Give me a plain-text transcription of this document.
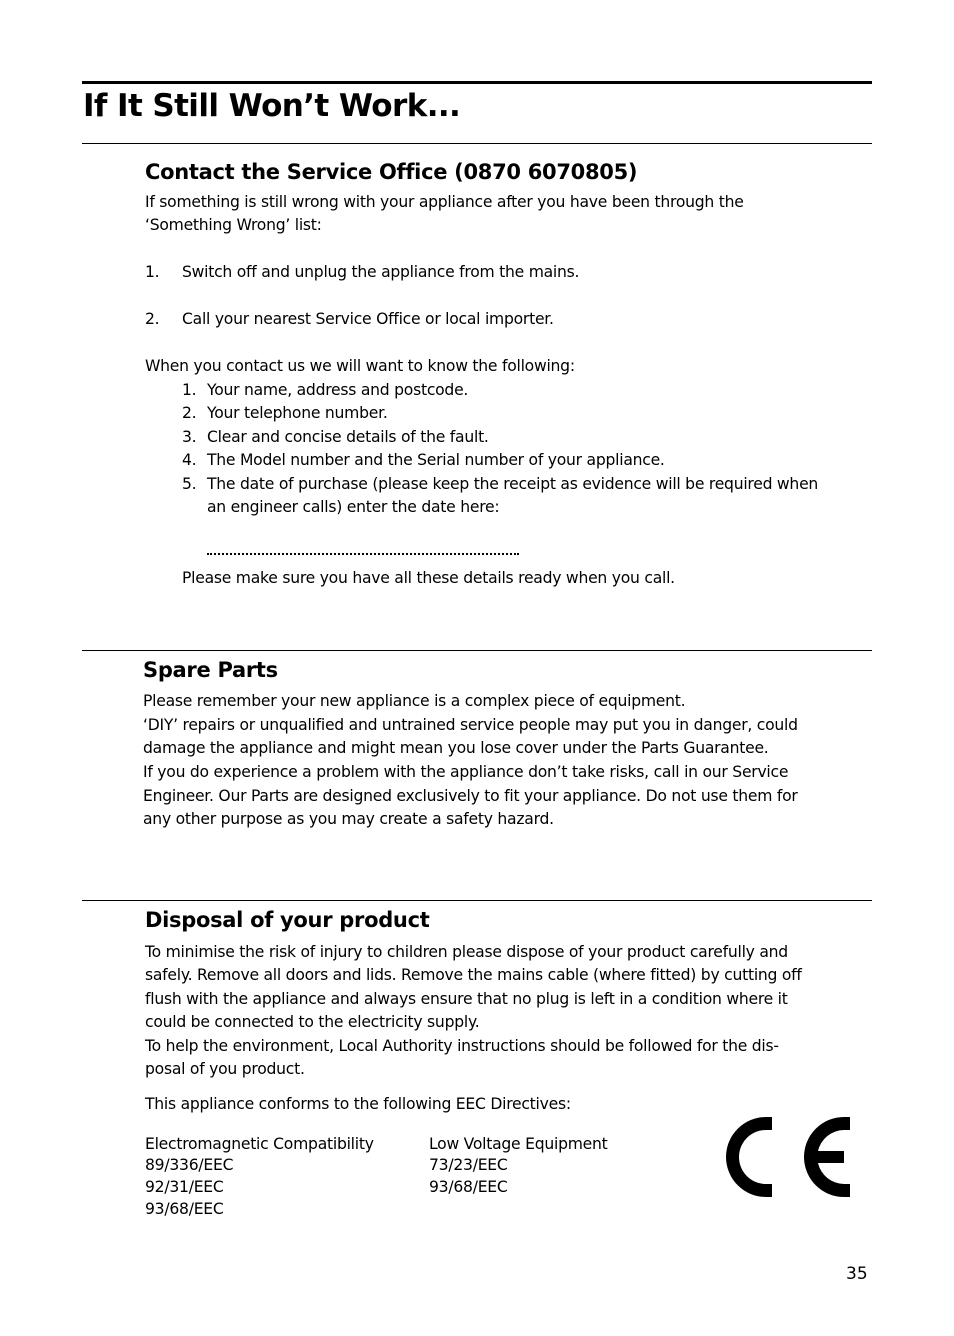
If It Still Won’t Work...
Contact the Service Office (0870 6070805)

If something is still wrong with your appliance after you have been through the

‘Something Wrong’ list:

1. Switch off and unplug the appliance from the mains.
2. Call your nearest Service Office or local importer.

When you contact us we will want to know the following:

1. Your name, address and postcode.
2. Your telephone number.
3. Clear and concise details of the fault.
4. The Model number and the Serial number of your appliance.
5. The date of purchase (please keep the receipt as evidence will be required when
an engineer calls) enter the date here:

Please make sure you have all these details ready when you call.

Spare Parts

Please remember your new appliance is a complex piece of equipment.

‘DIY’ repairs or unqualified and untrained service people may put you in danger, could

damage the appliance and might mean you lose cover under the Parts Guarantee.

If you do experience a problem with the appliance don’t take risks, call in our Service

Engineer. Our Parts are designed exclusively to fit your appliance. Do not use them for

any other purpose as you may create a safety hazard.

Disposal of your product

To minimise the risk of injury to children please dispose of your product carefully and

safely. Remove all doors and lids. Remove the mains cable (where fitted) by cutting off

flush with the appliance and always ensure that no plug is left in a condition where it

could be connected to the electricity supply.

To help the environment, Local Authority instructions should be followed for the dis-

posal of you product.

This appliance conforms to the following EEC Directives:

Electromagnetic Compatibility

89/336/EEC

92/31/EEC

93/68/EEC

Low Voltage Equipment

73/23/EEC

93/68/EEC

35
